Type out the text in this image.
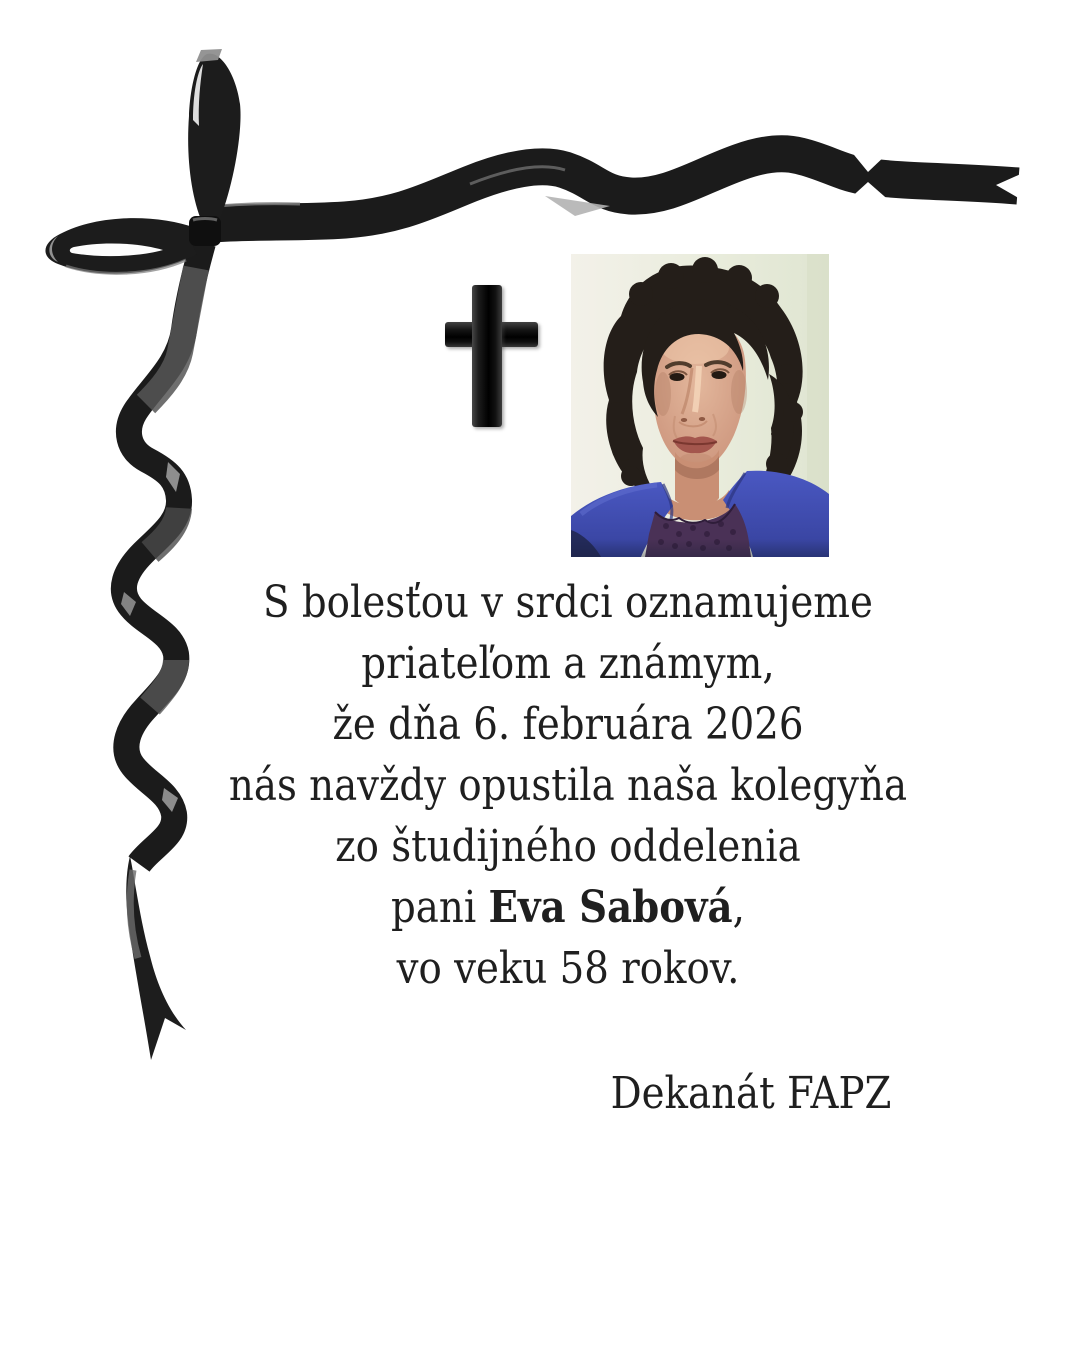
S bolesťou v srdci oznamujeme
priateľom a známym,
že dňa 6. februára 2026
nás navždy opustila naša kolegyňa
zo študijného oddelenia
pani Eva Sabová,
vo veku 58 rokov.
Dekanát FAPZ
